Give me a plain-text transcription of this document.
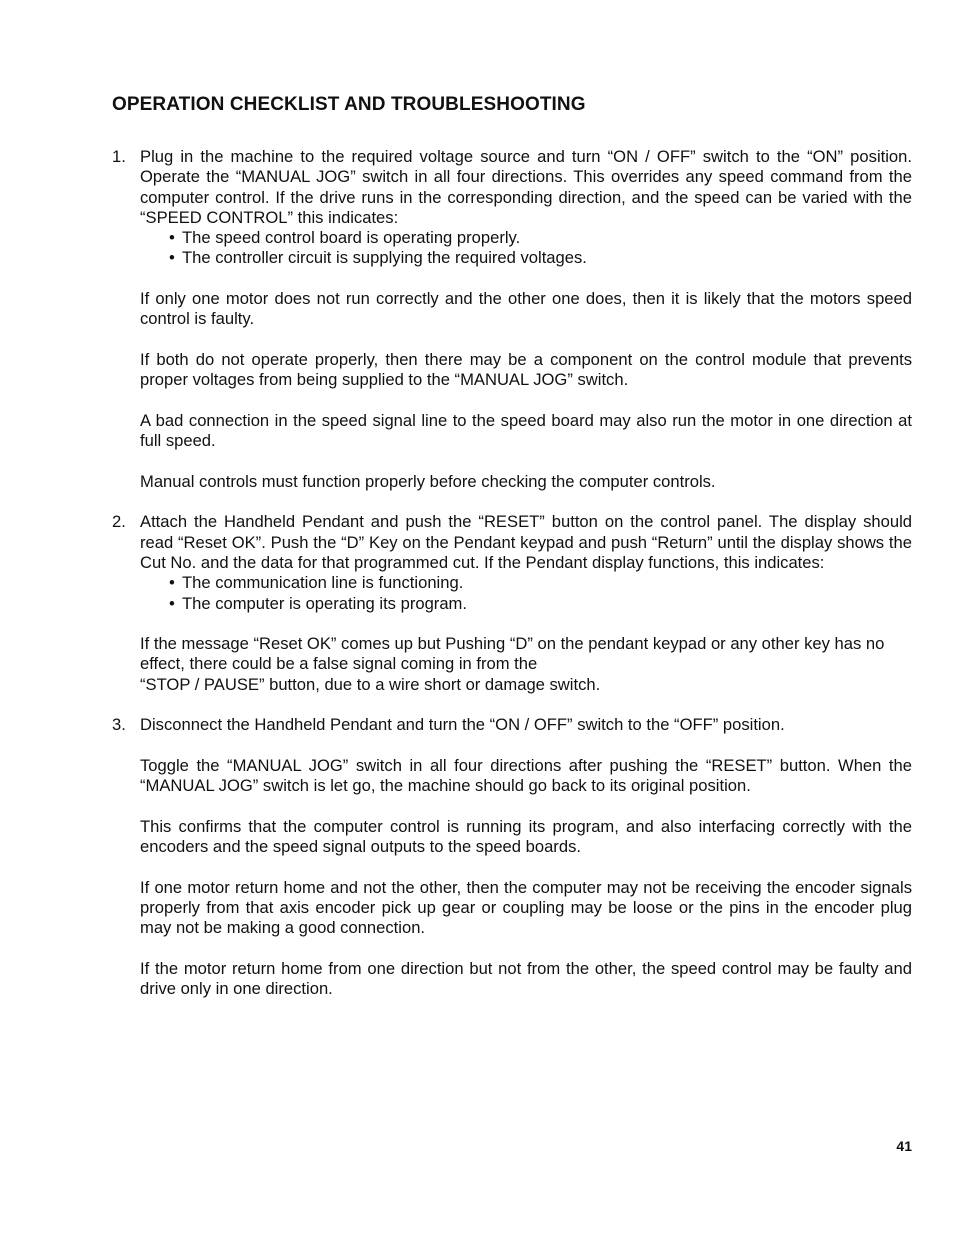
OPERATION CHECKLIST AND TROUBLESHOOTING
1. Plug in the machine to the required voltage source and turn “ON / OFF” switch to the “ON” position. Operate the “MANUAL JOG” switch in all four directions. This overrides any speed command from the computer control. If the drive runs in the corresponding direction, and the speed can be varied with the “SPEED CONTROL” this indicates:

• The speed control board is operating properly.
• The controller circuit is supplying the required voltages.

If only one motor does not run correctly and the other one does, then it is likely that the motors speed control is faulty.

If both do not operate properly, then there may be a component on the control module that prevents proper voltages from being supplied to the “MANUAL JOG” switch.

A bad connection in the speed signal line to the speed board may also run the motor in one direction at full speed.

Manual controls must function properly before checking the computer controls.

2. Attach the Handheld Pendant and push the “RESET” button on the control panel. The display should read “Reset OK”. Push the “D” Key on the Pendant keypad and push “Return” until the display shows the Cut No. and the data for that programmed cut. If the Pendant display functions, this indicates:

• The communication line is functioning.
• The computer is operating its program.

If the message “Reset OK” comes up but Pushing “D” on the pendant keypad or any other key has no effect, there could be a false signal coming in from the

“STOP / PAUSE” button, due to a wire short or damage switch.

3. Disconnect the Handheld Pendant and turn the “ON / OFF” switch to the “OFF” position.

Toggle the “MANUAL JOG” switch in all four directions after pushing the “RESET” button. When the “MANUAL JOG” switch is let go, the machine should go back to its original position.

This confirms that the computer control is running its program, and also interfacing correctly with the encoders and the speed signal outputs to the speed boards.

If one motor return home and not the other, then the computer may not be receiving the encoder signals properly from that axis encoder pick up gear or coupling may be loose or the pins in the encoder plug may not be making a good connection.

If the motor return home from one direction but not from the other, the speed control may be faulty and drive only in one direction.

41
